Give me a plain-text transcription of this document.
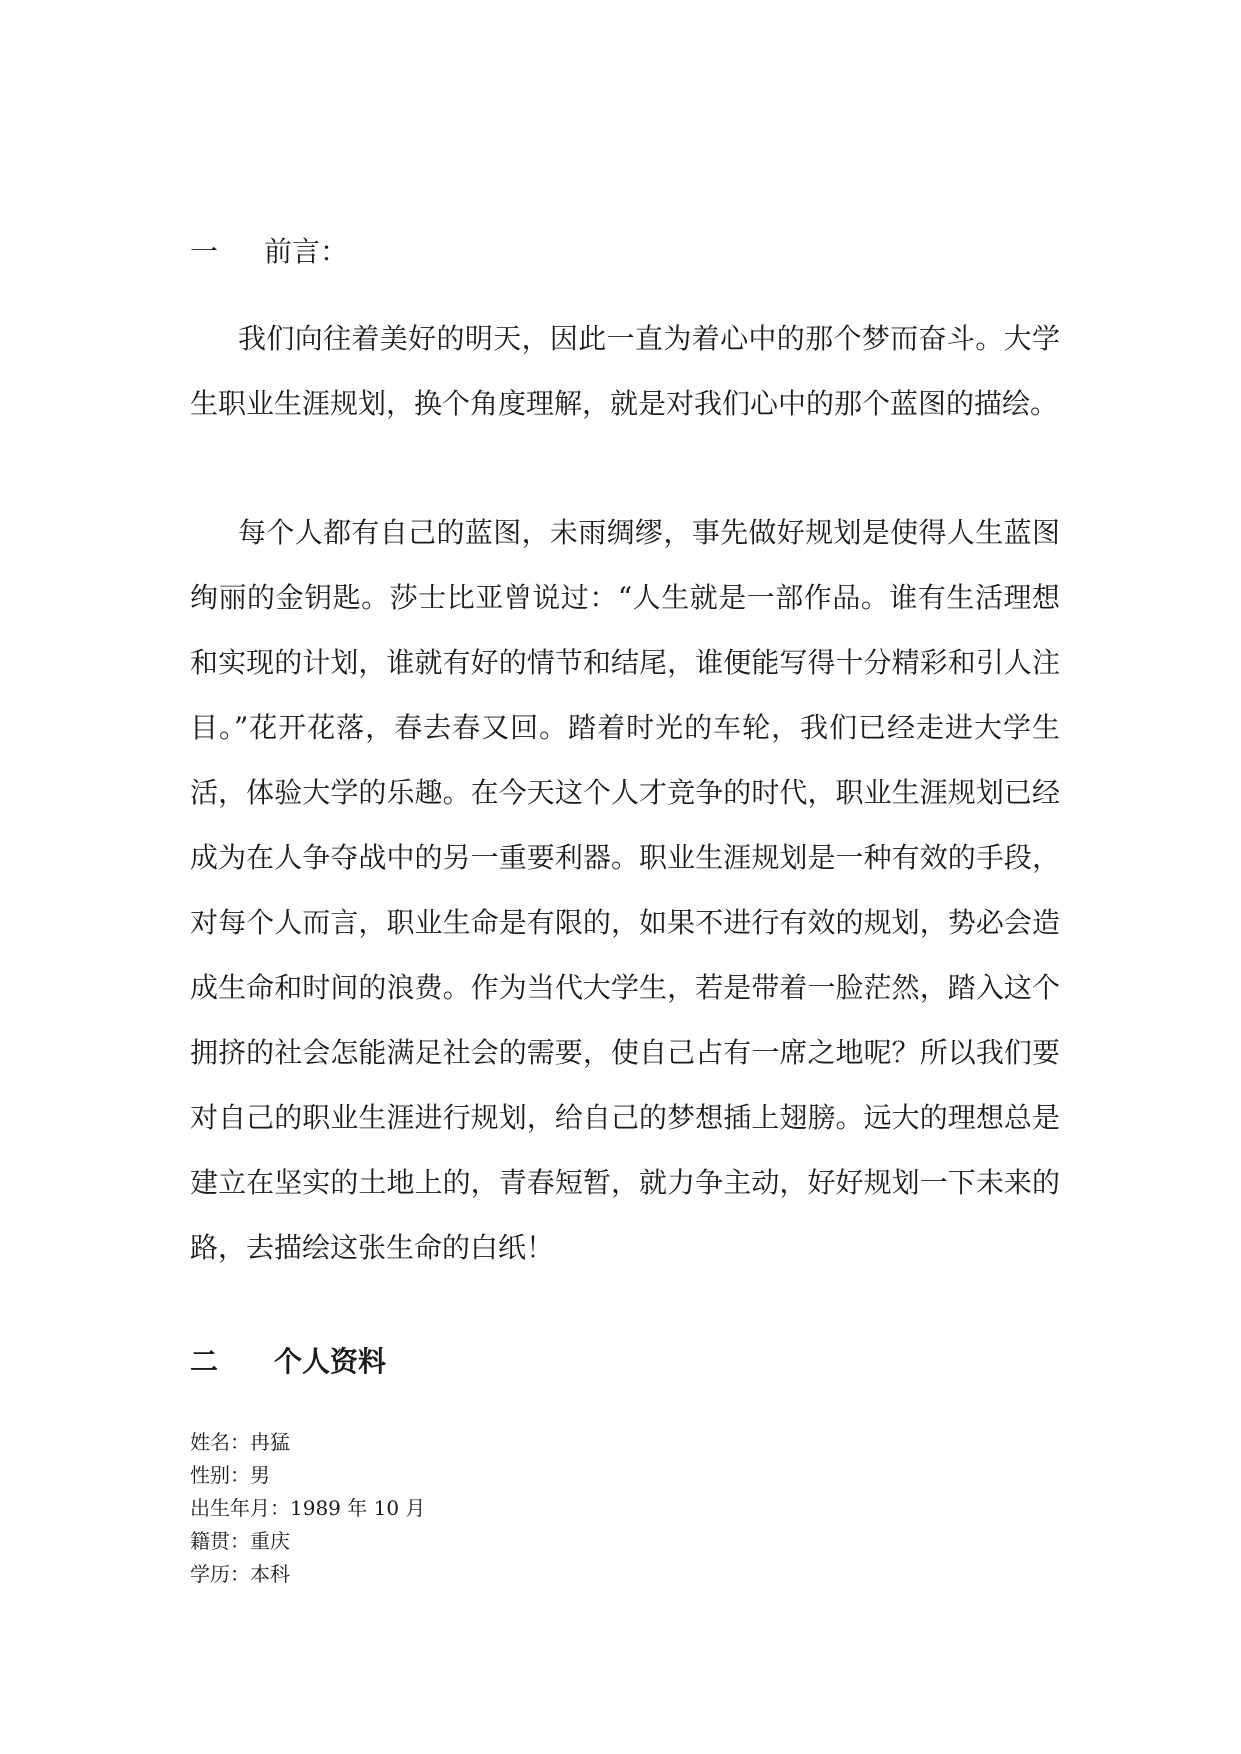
一 前言：

我们向往着美好的明天，因此一直为着心中的那个梦而奋斗。大学生职业生涯规划，换个角度理解，就是对我们心中的那个蓝图的描绘。

每个人都有自己的蓝图，未雨绸缪，事先做好规划是使得人生蓝图绚丽的金钥匙。莎士比亚曾说过：“人生就是一部作品。谁有生活理想和实现的计划，谁就有好的情节和结尾，谁便能写得十分精彩和引人注目。”花开花落，春去春又回。踏着时光的车轮，我们已经走进大学生活，体验大学的乐趣。在今天这个人才竞争的时代，职业生涯规划已经成为在人争夺战中的另一重要利器。职业生涯规划是一种有效的手段，对每个人而言，职业生命是有限的，如果不进行有效的规划，势必会造成生命和时间的浪费。作为当代大学生，若是带着一脸茫然，踏入这个拥挤的社会怎能满足社会的需要，使自己占有一席之地呢？所以我们要对自己的职业生涯进行规划，给自己的梦想插上翅膀。远大的理想总是建立在坚实的土地上的，青春短暂，就力争主动，好好规划一下未来的路，去描绘这张生命的白纸！

二 个人资料
姓名：冉猛
性别：男
出生年月：1989 年 10 月
籍贯：重庆
学历：本科
